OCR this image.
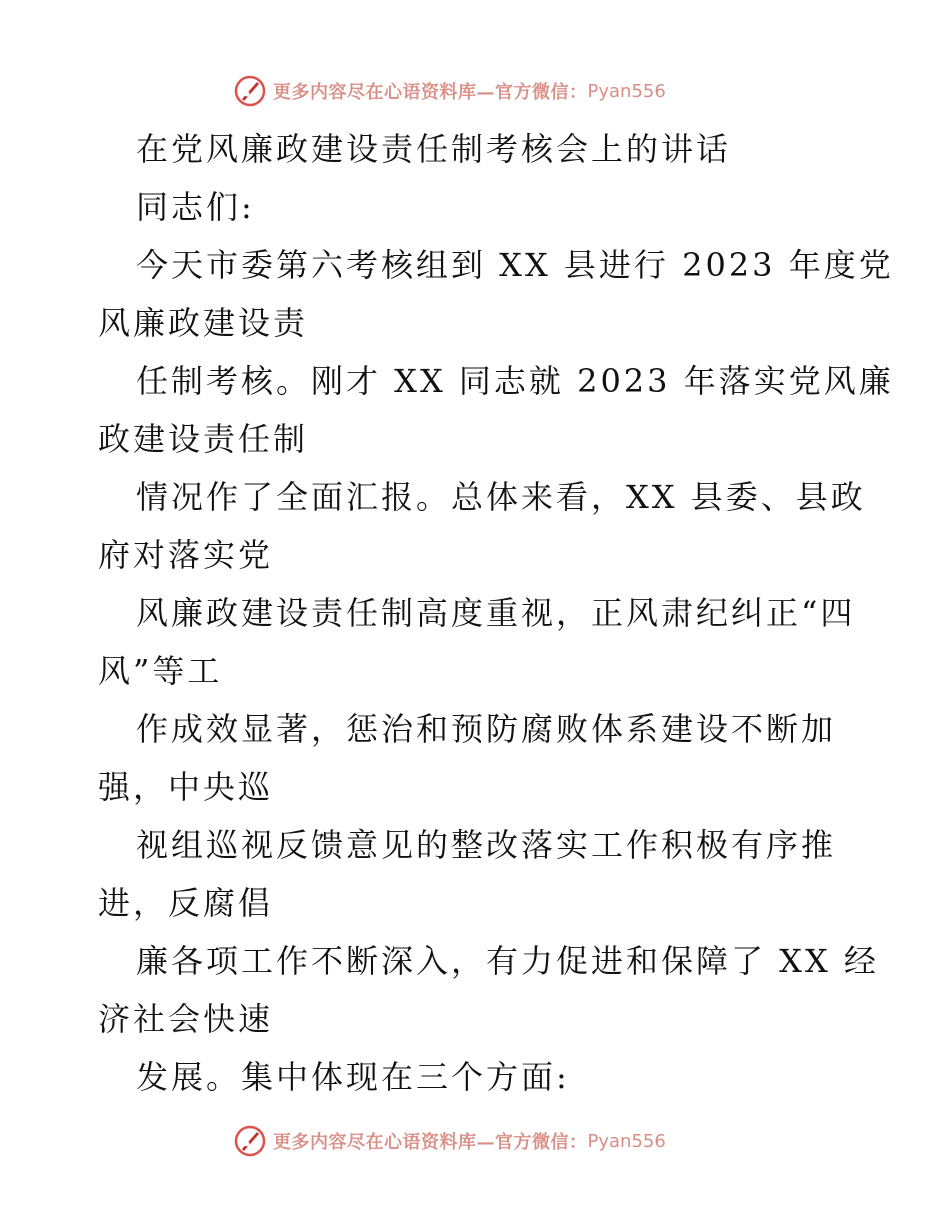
更多内容尽在心语资料库—官方微信： Pyan556

在党风廉政建设责任制考核会上的讲话

同志们:

今天市委第六考核组到 XX 县进行 2023 年度党

风廉政建设责

任制考核。刚才 XX 同志就 2023 年落实党风廉

政建设责任制

情况作了全面汇报。总体来看，XX 县委、县政

府对落实党

风廉政建设责任制高度重视，正风肃纪纠正“四

风”等工

作成效显著，惩治和预防腐败体系建设不断加

强，中央巡

视组巡视反馈意见的整改落实工作积极有序推

进，反腐倡

廉各项工作不断深入，有力促进和保障了 XX 经

济社会快速

发展。集中体现在三个方面:

更多内容尽在心语资料库—官方微信： Pyan556
